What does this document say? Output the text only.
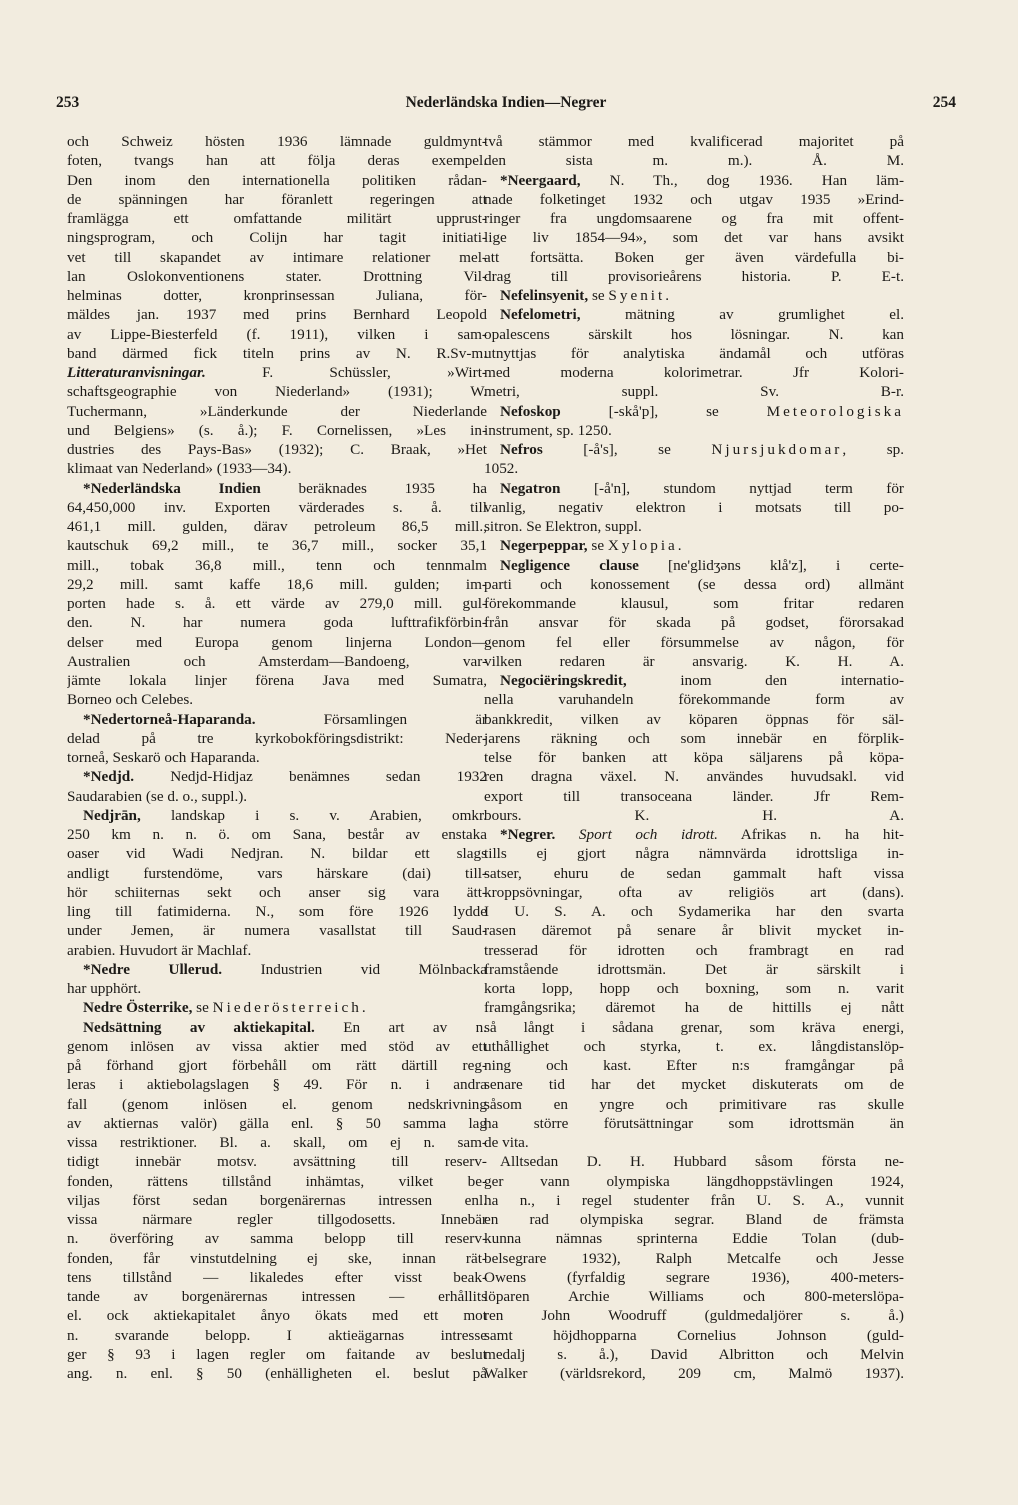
253	Nederländska Indien—Negrer	254
och Schweiz hösten 1936 lämnade guldmynt-
foten, tvangs han att följa deras exempel.
Den inom den internationella politiken rådan-
de spänningen har föranlett regeringen att
framlägga ett omfattande militärt upprust-
ningsprogram, och Colijn har tagit initiati-
vet till skapandet av intimare relationer mel-
lan Oslokonventionens stater. Drottning Vil-
helminas dotter, kronprinsessan Juliana, för-
mäldes jan. 1937 med prins Bernhard Leopold
av Lippe-Biesterfeld (f. 1911), vilken i sam-
band därmed fick titeln prins av N. R.Sv-m.
Litteraturanvisningar. F. Schüssler, »Wirt-
schaftsgeographie von Niederland» (1931); W.
Tuchermann, »Länderkunde der Niederlande
und Belgiens» (s. å.); F. Cornelissen, »Les in-
dustries des Pays-Bas» (1932); C. Braak, »Het
klimaat van Nederland» (1933—34).
*Nederländska Indien beräknades 1935 ha
64,450,000 inv. Exporten värderades s. å. till
461,1 mill. gulden, därav petroleum 86,5 mill.,
kautschuk 69,2 mill., te 36,7 mill., socker 35,1
mill., tobak 36,8 mill., tenn och tennmalm
29,2 mill. samt kaffe 18,6 mill. gulden; im-
porten hade s. å. ett värde av 279,0 mill. gul-
den. N. har numera goda lufttrafikförbin-
delser med Europa genom linjerna London—
Australien och Amsterdam—Bandoeng, var-
jämte lokala linjer förena Java med Sumatra,
Borneo och Celebes.
*Nedertorneå-Haparanda. Församlingen är
delad på tre kyrkobokföringsdistrikt: Neder-
torneå, Seskarö och Haparanda.
*Nedjd. Nedjd-Hidjaz benämnes sedan 1932
Saudarabien (se d. o., suppl.).
Nedjrān, landskap i s. v. Arabien, omkr.
250 km n. n. ö. om Sana, består av enstaka
oaser vid Wadi Nedjran. N. bildar ett slags
andligt furstendöme, vars härskare (dai) till-
hör schiiternas sekt och anser sig vara ätt-
ling till fatimiderna. N., som före 1926 lydde
under Jemen, är numera vasallstat till Saud-
arabien. Huvudort är Machlaf.
*Nedre Ullerud. Industrien vid Mölnbacka
har upphört.
Nedre Österrike, se Niederösterreich.
Nedsättning av aktiekapital. En art av n.
genom inlösen av vissa aktier med stöd av ett
på förhand gjort förbehåll om rätt därtill reg-
leras i aktiebolagslagen § 49. För n. i andra
fall (genom inlösen el. genom nedskrivning
av aktiernas valör) gälla enl. § 50 samma lag
vissa restriktioner. Bl. a. skall, om ej n. sam-
tidigt innebär motsv. avsättning till reserv-
fonden, rättens tillstånd inhämtas, vilket be-
viljas först sedan borgenärernas intressen enl.
vissa närmare regler tillgodosetts. Innebär
n. överföring av samma belopp till reserv-
fonden, får vinstutdelning ej ske, innan rät-
tens tillstånd — likaledes efter visst beak-
tande av borgenärernas intressen — erhållits
el. ock aktiekapitalet ånyo ökats med ett mot
n. svarande belopp. I aktieägarnas intresse
ger § 93 i lagen regler om faitande av beslut
ang. n. enl. § 50 (enhälligheten el. beslut på
två stämmor med kvalificerad majoritet på
den sista m. m.). Å. M.
*Neergaard, N. Th., dog 1936. Han läm-
nade folketinget 1932 och utgav 1935 »Erind-
ringer fra ungdomsaarene og fra mit offent-
lige liv 1854—94», som det var hans avsikt
att fortsätta. Boken ger även värdefulla bi-
drag till provisorieårens historia. P. E-t.
Nefelinsyenit, se Syenit.
Nefelometri, mätning av grumlighet el.
opalescens särskilt hos lösningar. N. kan
utnyttjas för analytiska ändamål och utföras
med moderna kolorimetrar. Jfr Kolori-
metri, suppl. Sv. B-r.
Nefoskop [-skå'p], se Meteorologiska
instrument, sp. 1250.
Nefros [-å's], se Njursjukdomar, sp.
1052.
Negatron [-å'n], stundom nyttjad term för
vanlig, negativ elektron i motsats till po-
sitron. Se Elektron, suppl.
Negerpeppar, se Xylopia.
Negligence clause [ne'glidʒəns klå'z], i certe-
parti och konossement (se dessa ord) allmänt
förekommande klausul, som fritar redaren
från ansvar för skada på godset, förorsakad
genom fel eller försummelse av någon, för
vilken redaren är ansvarig. K. H. A.
Negociëringskredit, inom den internatio-
nella varuhandeln förekommande form av
bankkredit, vilken av köparen öppnas för säl-
jarens räkning och som innebär en förplik-
telse för banken att köpa säljarens på köpa-
ren dragna växel. N. användes huvudsakl. vid
export till transoceana länder. Jfr Rem-
bours. K. H. A.
*Negrer. Sport och idrott. Afrikas n. ha hit-
tills ej gjort några nämnvärda idrottsliga in-
satser, ehuru de sedan gammalt haft vissa
kroppsövningar, ofta av religiös art (dans).
I U. S. A. och Sydamerika har den svarta
rasen däremot på senare år blivit mycket in-
tresserad för idrotten och frambragt en rad
framstående idrottsmän. Det är särskilt i
korta lopp, hopp och boxning, som n. varit
framgångsrika; däremot ha de hittills ej nått
så långt i sådana grenar, som kräva energi,
uthållighet och styrka, t. ex. långdistanslöp-
ning och kast. Efter n:s framgångar på
senare tid har det mycket diskuterats om de
såsom en yngre och primitivare ras skulle
ha större förutsättningar som idrottsmän än
de vita.
Alltsedan D. H. Hubbard såsom första ne-
ger vann olympiska längdhoppstävlingen 1924,
ha n., i regel studenter från U. S. A., vunnit
en rad olympiska segrar. Bland de främsta
kunna nämnas sprinterna Eddie Tolan (dub-
belsegrare 1932), Ralph Metcalfe och Jesse
Owens (fyrfaldig segrare 1936), 400-meters-
löparen Archie Williams och 800-meterslöpa-
ren John Woodruff (guldmedaljörer s. å.)
samt höjdhopparna Cornelius Johnson (guld-
medalj s. å.), David Albritton och Melvin
Walker (världsrekord, 209 cm, Malmö 1937).
